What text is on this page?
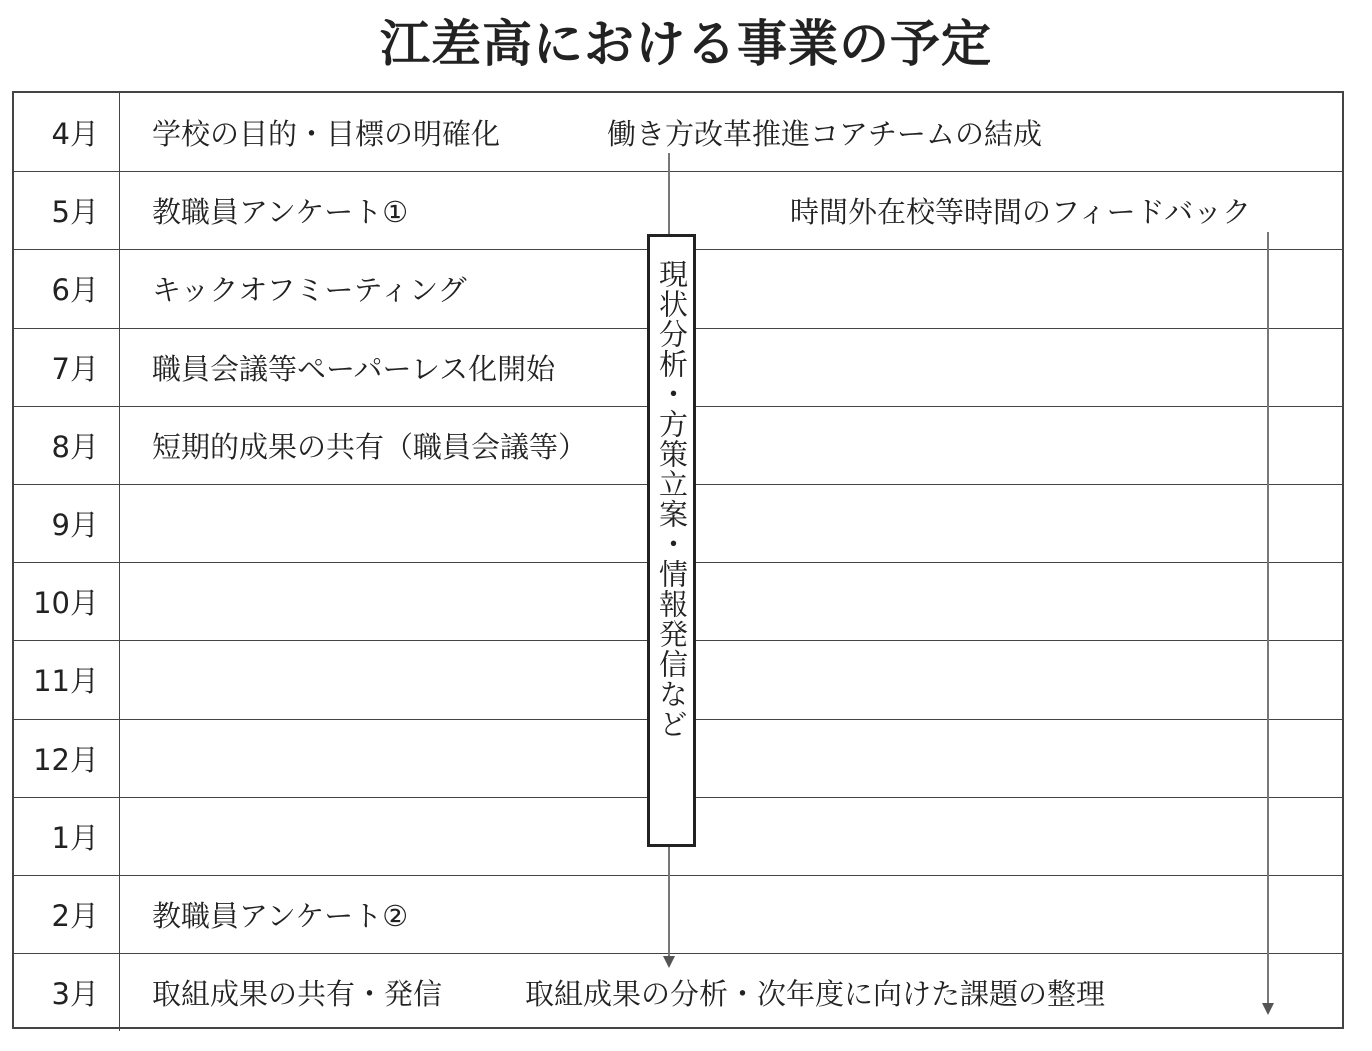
江差高における事業の予定
4月	学校の目的・目標の明確化	働き方改革推進コアチームの結成
5月	教職員アンケート①	時間外在校等時間のフィードバック
6月	キックオフミーティング
7月	職員会議等ペーパーレス化開始
8月	短期的成果の共有（職員会議等）
9月
10月
11月
12月
1月
2月	教職員アンケート②
3月	取組成果の共有・発信	取組成果の分析・次年度に向けた課題の整理
現状分析・方策立案・情報発信など
